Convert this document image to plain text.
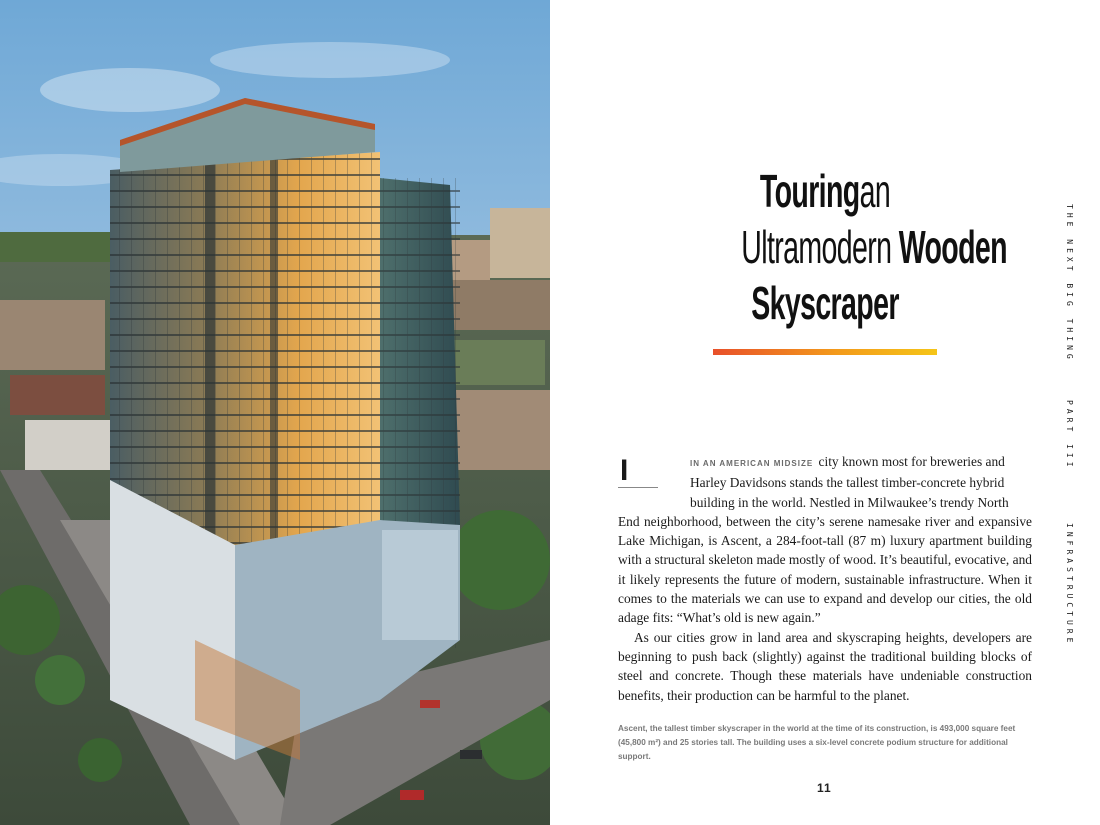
Touringan
Ultramodern Wooden
Skyscraper	THE NEXT BIG THING
PART III
INFRASTRUCTURE
I	IN AN AMERICAN MIDSIZE city known most for breweries and
Harley Davidsons stands the tallest timber-concrete hybrid
building in the world. Nestled in Milwaukee’s trendy North
End neighborhood, between the city’s serene namesake river and expansive Lake Michigan, is Ascent, a 284-foot-tall (87 m) luxury apartment building with a structural skeleton made mostly of wood. It’s beautiful, evocative, and it likely represents the future of modern, sustainable infrastructure. When it comes to the materials we can use to expand and develop our cities, the old adage fits: “What’s old is new again.”

As our cities grow in land area and skyscraping heights, developers are beginning to push back (slightly) against the traditional building blocks of steel and concrete. Though these materials have undeniable construction benefits, their production can be harmful to the planet.

Ascent, the tallest timber skyscraper in the world at the time of its construction, is 493,000 square feet (45,800 m²) and 25 stories tall. The building uses a six-level concrete podium structure for additional support.
11
